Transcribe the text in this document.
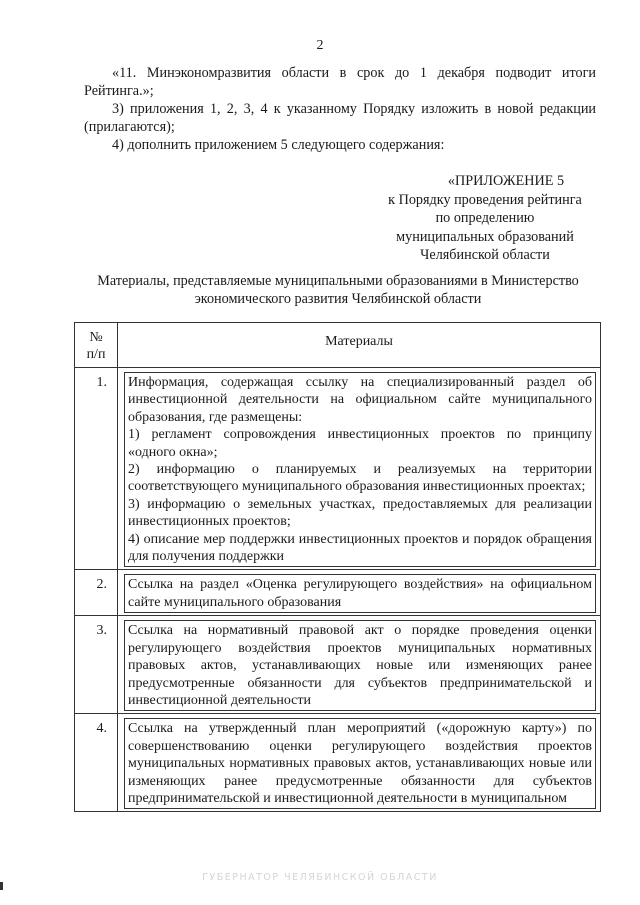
2

«11. Минэкономразвития области в срок до 1 декабря подводит итоги Рейтинга.»;

3) приложения 1, 2, 3, 4 к указанному Порядку изложить в новой редакции (прилагаются);

4) дополнить приложением 5 следующего содержания:

«ПРИЛОЖЕНИЕ 5
к Порядку проведения рейтинга
по определению
муниципальных образований
Челябинской области
Материалы, представляемые муниципальными образованиями в Министерство
экономического развития Челябинской области
№
п/п	Материалы
1.	Информация, содержащая ссылку на специализированный раздел об инвестиционной деятельности на официальном сайте муниципального образования, где размещены:

1) регламент сопровождения инвестиционных проектов по принципу «одного окна»;

2) информацию о планируемых и реализуемых на территории соответствующего муниципального образования инвестиционных проектах;

3) информацию о земельных участках, предоставляемых для реализации инвестиционных проектов;

4) описание мер поддержки инвестиционных проектов и порядок обращения для получения поддержки

2.	Ссылка на раздел «Оценка регулирующего воздействия» на официальном сайте муниципального образования

3.	Ссылка на нормативный правовой акт о порядке проведения оценки регулирующего воздействия проектов муниципальных нормативных правовых актов, устанавливающих новые или изменяющих ранее предусмотренные обязанности для субъектов предпринимательской и инвестиционной деятельности

4.	Ссылка на утвержденный план мероприятий («дорожную карту») по совершенствованию оценки регулирующего воздействия проектов муниципальных нормативных правовых актов, устанавливающих новые или изменяющих ранее предусмотренные обязанности для субъектов предпринимательской и инвестиционной деятельности в муниципальном

ГУБЕРНАТОР ЧЕЛЯБИНСКОЙ ОБЛАСТИ
